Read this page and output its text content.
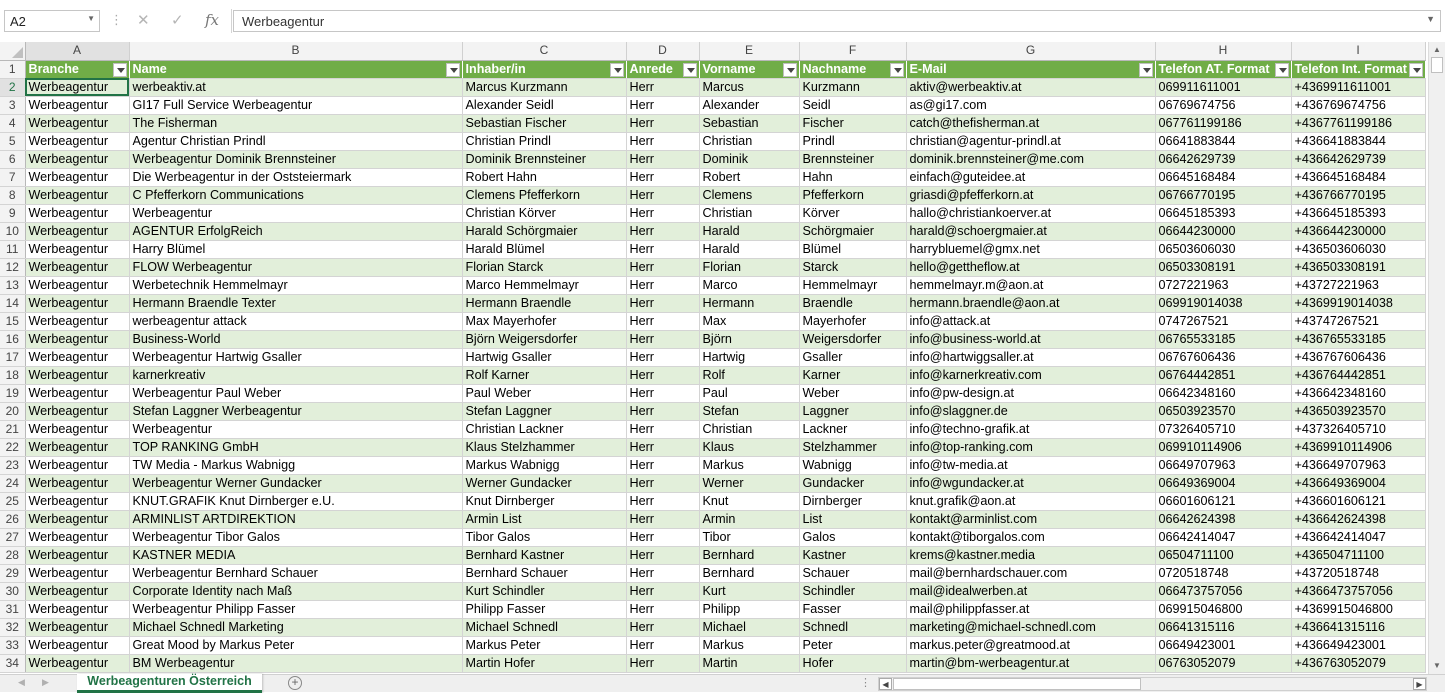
A2	▼ ⋮ ✕ ✓ fx	Werbeagentur	▼
	A	B	C	D	E	F	G	H	I
1	Branche	Name	Inhaber/in	Anrede	Vorname	Nachname	E-Mail	Telefon AT. Format	Telefon Int. Format

2	Werbeagentur	werbeaktiv.at	Marcus Kurzmann	Herr	Marcus	Kurzmann	aktiv@werbeaktiv.at	069911611001	+4369911611001
3	Werbeagentur	GI17 Full Service Werbeagentur	Alexander Seidl	Herr	Alexander	Seidl	as@gi17.com	06769674756	+436769674756
4	Werbeagentur	The Fisherman	Sebastian Fischer	Herr	Sebastian	Fischer	catch@thefisherman.at	067761199186	+4367761199186
5	Werbeagentur	Agentur Christian Prindl	Christian Prindl	Herr	Christian	Prindl	christian@agentur-prindl.at	06641883844	+436641883844
6	Werbeagentur	Werbeagentur Dominik Brennsteiner	Dominik Brennsteiner	Herr	Dominik	Brennsteiner	dominik.brennsteiner@me.com	06642629739	+436642629739
7	Werbeagentur	Die Werbeagentur in der Oststeiermark	Robert Hahn	Herr	Robert	Hahn	einfach@guteidee.at	06645168484	+436645168484
8	Werbeagentur	C Pfefferkorn Communications	Clemens Pfefferkorn	Herr	Clemens	Pfefferkorn	griasdi@pfefferkorn.at	06766770195	+436766770195
9	Werbeagentur	Werbeagentur	Christian Körver	Herr	Christian	Körver	hallo@christiankoerver.at	06645185393	+436645185393
10	Werbeagentur	AGENTUR ErfolgReich	Harald Schörgmaier	Herr	Harald	Schörgmaier	harald@schoergmaier.at	06644230000	+436644230000
11	Werbeagentur	Harry Blümel	Harald Blümel	Herr	Harald	Blümel	harrybluemel@gmx.net	06503606030	+436503606030
12	Werbeagentur	FLOW Werbeagentur	Florian Starck	Herr	Florian	Starck	hello@gettheflow.at	06503308191	+436503308191
13	Werbeagentur	Werbetechnik Hemmelmayr	Marco Hemmelmayr	Herr	Marco	Hemmelmayr	hemmelmayr.m@aon.at	0727221963	+43727221963
14	Werbeagentur	Hermann Braendle Texter	Hermann Braendle	Herr	Hermann	Braendle	hermann.braendle@aon.at	069919014038	+4369919014038
15	Werbeagentur	werbeagentur attack	Max Mayerhofer	Herr	Max	Mayerhofer	info@attack.at	0747267521	+43747267521
16	Werbeagentur	Business-World	Björn Weigersdorfer	Herr	Björn	Weigersdorfer	info@business-world.at	06765533185	+436765533185
17	Werbeagentur	Werbeagentur Hartwig Gsaller	Hartwig Gsaller	Herr	Hartwig	Gsaller	info@hartwiggsaller.at	06767606436	+436767606436
18	Werbeagentur	karnerkreativ	Rolf Karner	Herr	Rolf	Karner	info@karnerkreativ.com	06764442851	+436764442851
19	Werbeagentur	Werbeagentur Paul Weber	Paul Weber	Herr	Paul	Weber	info@pw-design.at	06642348160	+436642348160
20	Werbeagentur	Stefan Laggner Werbeagentur	Stefan Laggner	Herr	Stefan	Laggner	info@slaggner.de	06503923570	+436503923570
21	Werbeagentur	Werbeagentur	Christian Lackner	Herr	Christian	Lackner	info@techno-grafik.at	07326405710	+437326405710
22	Werbeagentur	TOP RANKING GmbH	Klaus Stelzhammer	Herr	Klaus	Stelzhammer	info@top-ranking.com	069910114906	+4369910114906
23	Werbeagentur	TW Media - Markus Wabnigg	Markus Wabnigg	Herr	Markus	Wabnigg	info@tw-media.at	06649707963	+436649707963
24	Werbeagentur	Werbeagentur Werner Gundacker	Werner Gundacker	Herr	Werner	Gundacker	info@wgundacker.at	06649369004	+436649369004
25	Werbeagentur	KNUT.GRAFIK Knut Dirnberger e.U.	Knut Dirnberger	Herr	Knut	Dirnberger	knut.grafik@aon.at	06601606121	+436601606121
26	Werbeagentur	ARMINLIST ARTDIREKTION	Armin List	Herr	Armin	List	kontakt@arminlist.com	06642624398	+436642624398
27	Werbeagentur	Werbeagentur Tibor Galos	Tibor Galos	Herr	Tibor	Galos	kontakt@tiborgalos.com	06642414047	+436642414047
28	Werbeagentur	KASTNER MEDIA	Bernhard Kastner	Herr	Bernhard	Kastner	krems@kastner.media	06504711100	+436504711100
29	Werbeagentur	Werbeagentur Bernhard Schauer	Bernhard Schauer	Herr	Bernhard	Schauer	mail@bernhardschauer.com	0720518748	+43720518748
30	Werbeagentur	Corporate Identity nach Maß	Kurt Schindler	Herr	Kurt	Schindler	mail@idealwerben.at	066473757056	+4366473757056
31	Werbeagentur	Werbeagentur Philipp Fasser	Philipp Fasser	Herr	Philipp	Fasser	mail@philippfasser.at	069915046800	+4369915046800
32	Werbeagentur	Michael Schnedl Marketing	Michael Schnedl	Herr	Michael	Schnedl	marketing@michael-schnedl.com	06641315116	+436641315116
33	Werbeagentur	Great Mood by Markus Peter	Markus Peter	Herr	Markus	Peter	markus.peter@greatmood.at	06649423001	+436649423001
34	Werbeagentur	BM Werbeagentur	Martin Hofer	Herr	Martin	Hofer	martin@bm-werbeagentur.at	06763052079	+436763052079
▲
▼
◀ ▶	Werbeagenturen Österreich	+	⋮	◀	▶
